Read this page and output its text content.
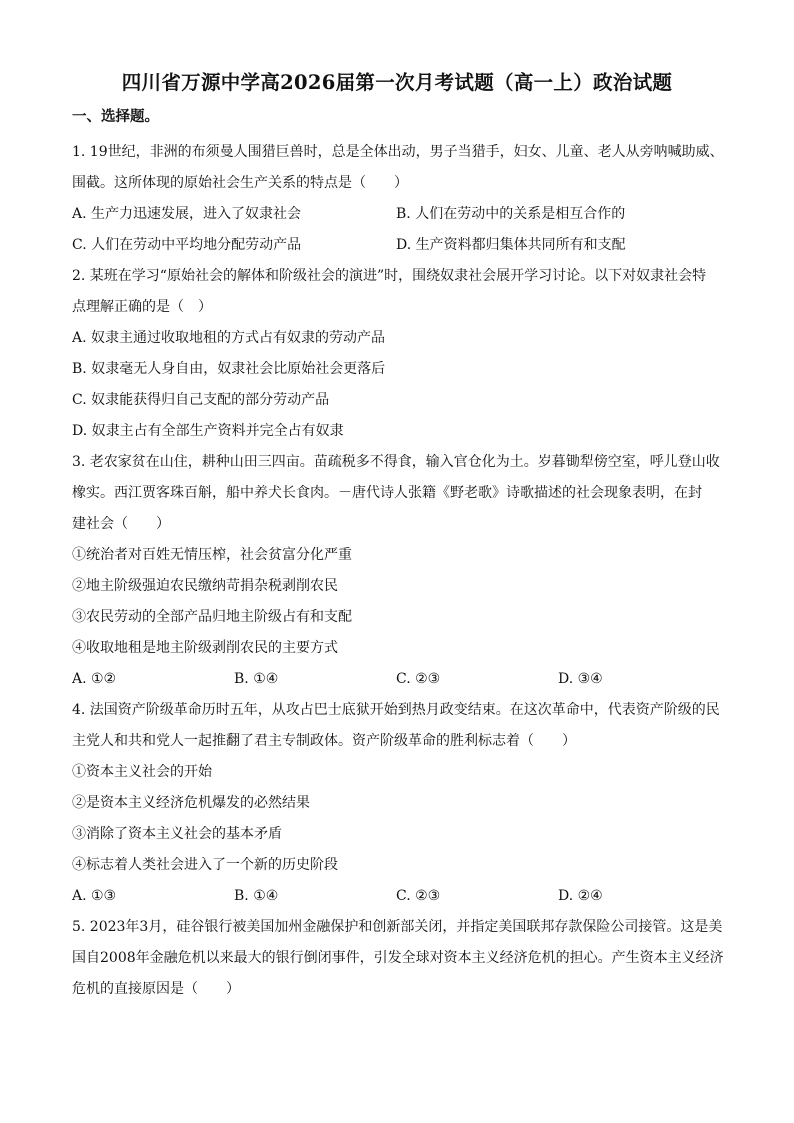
四川省万源中学高2026届第一次月考试题（高一上）政治试题
一、选择题。
1. 19世纪，非洲的布须曼人围猎巨兽时，总是全体出动，男子当猎手，妇女、儿童、老人从旁呐喊助威、
围截。这所体现的原始社会生产关系的特点是（　　）
A. 生产力迅速发展，进入了奴隶社会	B. 人们在劳动中的关系是相互合作的
C. 人们在劳动中平均地分配劳动产品	D. 生产资料都归集体共同所有和支配
2. 某班在学习“原始社会的解体和阶级社会的演进”时，围绕奴隶社会展开学习讨论。以下对奴隶社会特
点理解正确的是（　）
A. 奴隶主通过收取地租的方式占有奴隶的劳动产品
B. 奴隶毫无人身自由，奴隶社会比原始社会更落后
C. 奴隶能获得归自己支配的部分劳动产品
D. 奴隶主占有全部生产资料并完全占有奴隶
3. 老农家贫在山住，耕种山田三四亩。苗疏税多不得食，输入官仓化为土。岁暮锄犁傍空室，呼儿登山收
橡实。西江贾客珠百斛，船中养犬长食肉。－唐代诗人张籍《野老歌》诗歌描述的社会现象表明，在封
建社会（　　）
①统治者对百姓无情压榨，社会贫富分化严重
②地主阶级强迫农民缴纳苛捐杂税剥削农民
③农民劳动的全部产品归地主阶级占有和支配
④收取地租是地主阶级剥削农民的主要方式
A. ①②	B. ①④	C. ②③	D. ③④
4. 法国资产阶级革命历时五年，从攻占巴士底狱开始到热月政变结束。在这次革命中，代表资产阶级的民
主党人和共和党人一起推翻了君主专制政体。资产阶级革命的胜利标志着（　　）
①资本主义社会的开始
②是资本主义经济危机爆发的必然结果
③消除了资本主义社会的基本矛盾
④标志着人类社会进入了一个新的历史阶段
A. ①③	B. ①④	C. ②③	D. ②④
5. 2023年3月，硅谷银行被美国加州金融保护和创新部关闭，并指定美国联邦存款保险公司接管。这是美
国自2008年金融危机以来最大的银行倒闭事件，引发全球对资本主义经济危机的担心。产生资本主义经济
危机的直接原因是（　　）
